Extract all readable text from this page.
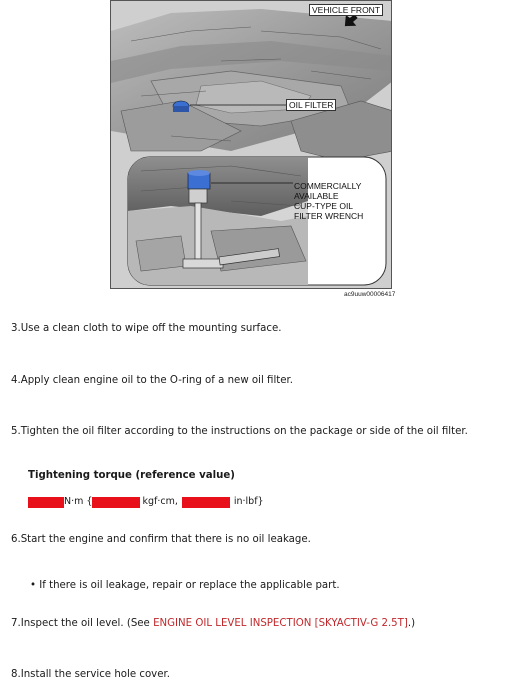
VEHICLE FRONT
OIL FILTER
COMMERCIALLY
AVAILABLE
CUP-TYPE OIL
FILTER WRENCH
ac9uuw00006417
3.Use a clean cloth to wipe off the mounting surface.
4.Apply clean engine oil to the O-ring of a new oil filter.
5.Tighten the oil filter according to the instructions on the package or side of the oil filter.
Tightening torque (reference value)
N·m {	kgf·cm,	in·lbf}
6.Start the engine and confirm that there is no oil leakage.
• If there is oil leakage, repair or replace the applicable part.
7.Inspect the oil level. (See ENGINE OIL LEVEL INSPECTION [SKYACTIV-G 2.5T].)
8.Install the service hole cover.
